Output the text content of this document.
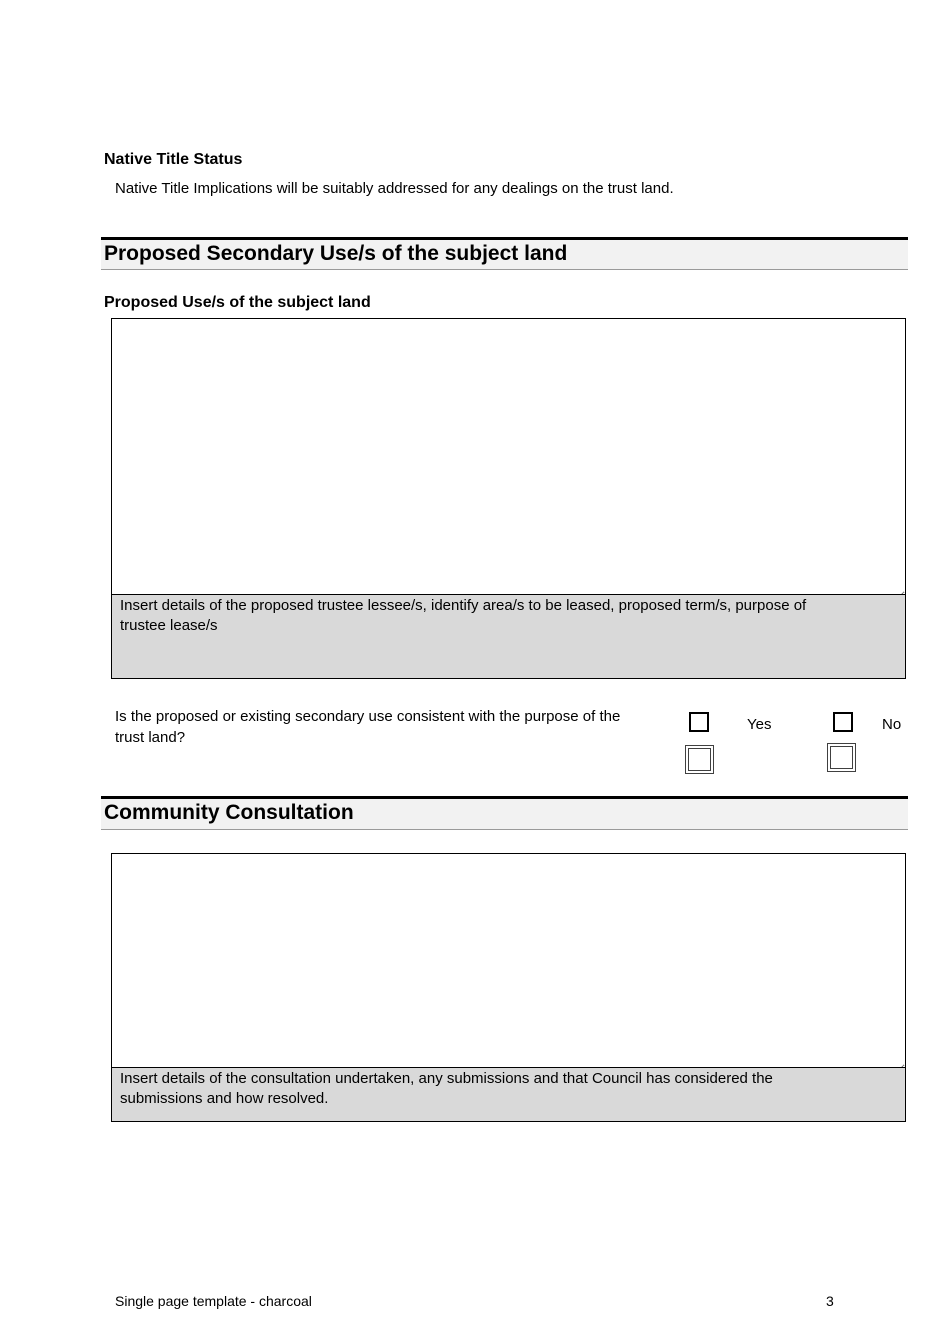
Native Title Status
Native Title Implications will be suitably addressed for any dealings on the trust land.
Proposed Secondary Use/s of the subject land
Proposed Use/s of the subject land
Insert details of the proposed trustee lessee/s, identify area/s to be leased, proposed term/s, purpose of
trustee lease/s
Is the proposed or existing secondary use consistent with the purpose of the
trust land?
Yes	No
Community Consultation
Insert details of the consultation undertaken, any submissions and that Council has considered the
submissions and how resolved.
Single page template - charcoal	3
